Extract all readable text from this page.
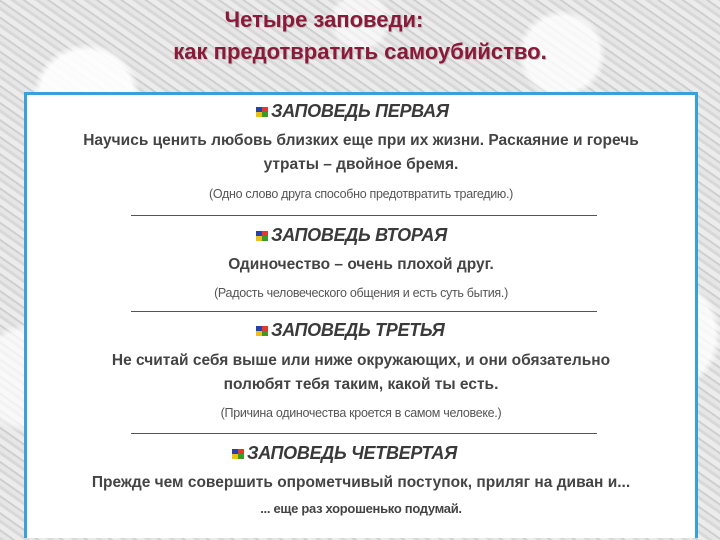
Четыре заповеди:
как предотвратить самоубийство.
ЗАПОВЕДЬ ПЕРВАЯ
Научись ценить любовь близких еще при их жизни. Раскаяние и горечь
утраты – двойное бремя.
(Одно слово друга способно предотвратить трагедию.)
ЗАПОВЕДЬ ВТОРАЯ
Одиночество – очень плохой друг.
(Радость человеческого общения и есть суть бытия.)
ЗАПОВЕДЬ ТРЕТЬЯ
Не считай себя выше или ниже окружающих, и они обязательно
полюбят тебя таким, какой ты есть.
(Причина одиночества кроется в самом человеке.)
ЗАПОВЕДЬ ЧЕТВЕРТАЯ
Прежде чем совершить опрометчивый поступок, приляг на диван и...
... еще раз хорошенько подумай.
